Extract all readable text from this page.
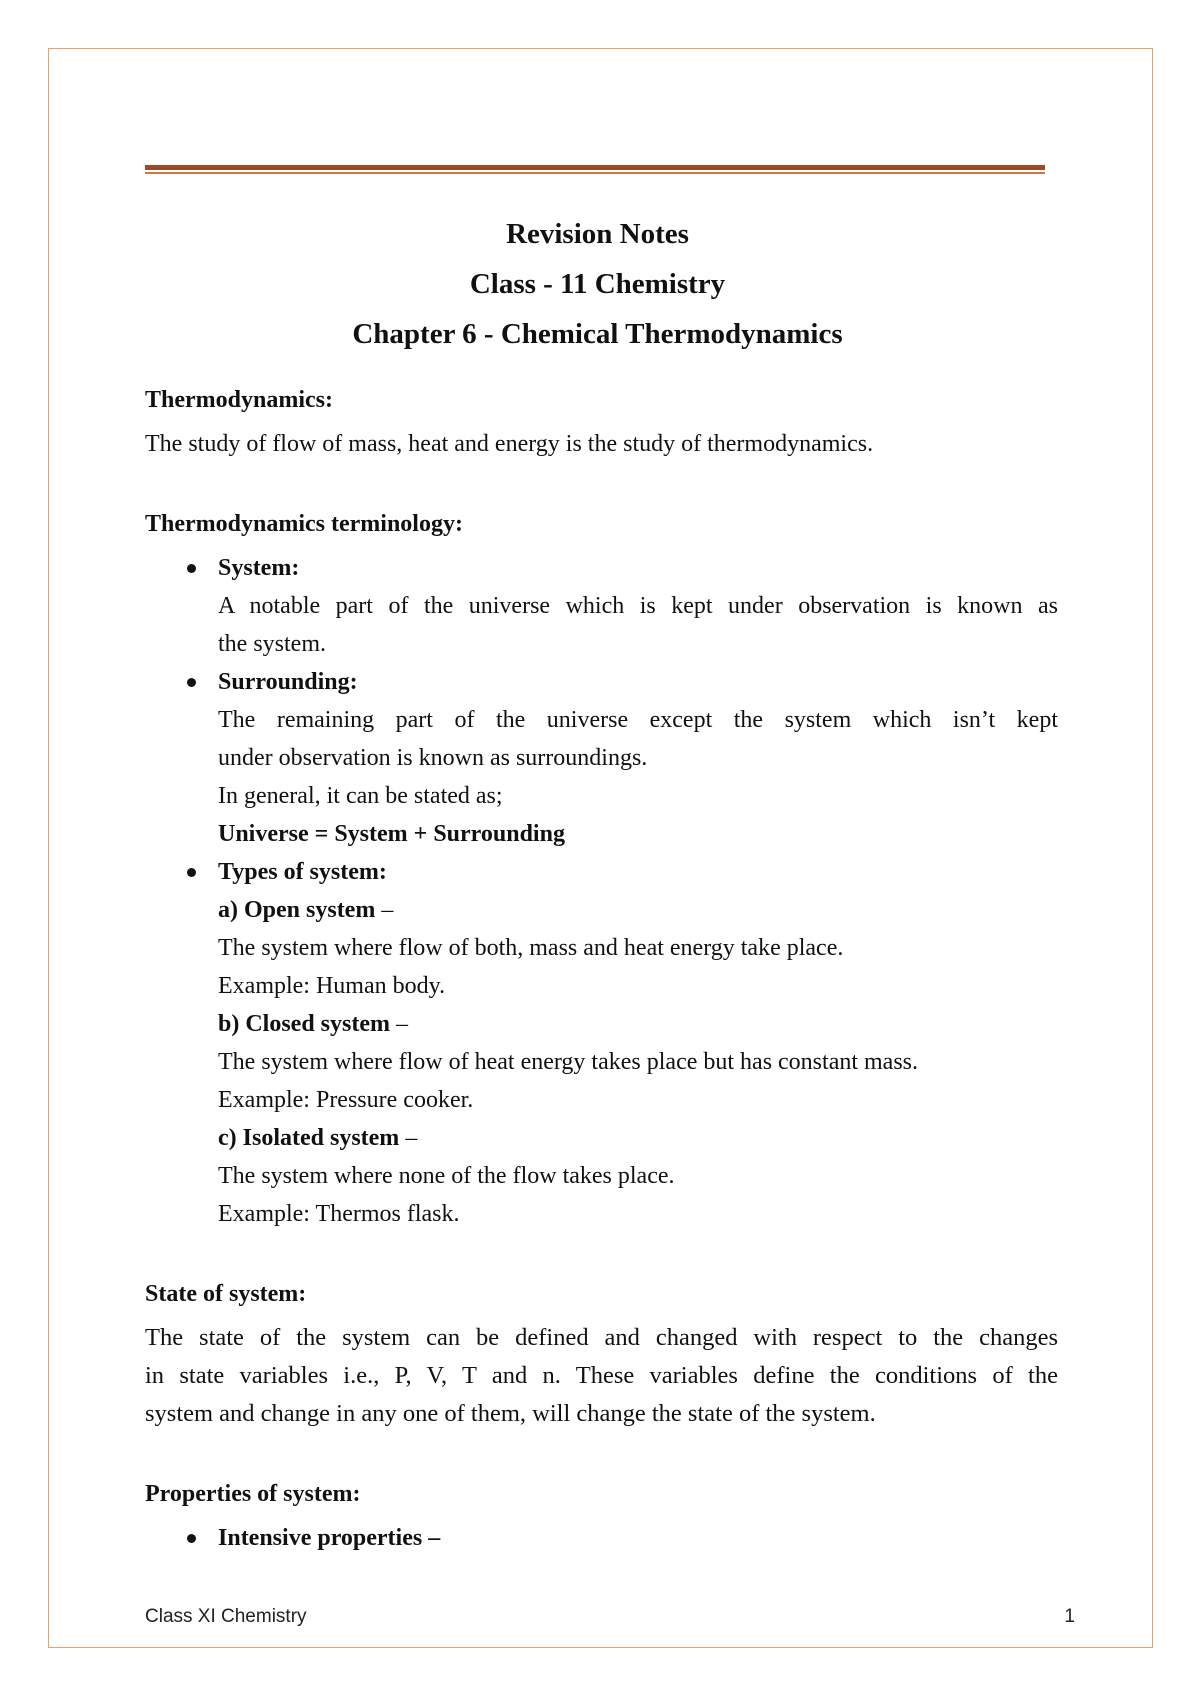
Revision Notes
Class - 11 Chemistry
Chapter 6 - Chemical Thermodynamics
Thermodynamics:
The study of flow of mass, heat and energy is the study of thermodynamics.
Thermodynamics terminology:
System:
A notable part of the universe which is kept under observation is known as
the system.
Surrounding:
The remaining part of the universe except the system which isn’t kept
under observation is known as surroundings.
In general, it can be stated as;
Universe = System + Surrounding
Types of system:
a) Open system –
The system where flow of both, mass and heat energy take place.
Example: Human body.
b) Closed system –
The system where flow of heat energy takes place but has constant mass.
Example: Pressure cooker.
c) Isolated system –
The system where none of the flow takes place.
Example: Thermos flask.
State of system:
The state of the system can be defined and changed with respect to the changes
in state variables i.e., P, V, T and n. These variables define the conditions of the
system and change in any one of them, will change the state of the system.
Properties of system:
Intensive properties –
Class XI Chemistry	1
